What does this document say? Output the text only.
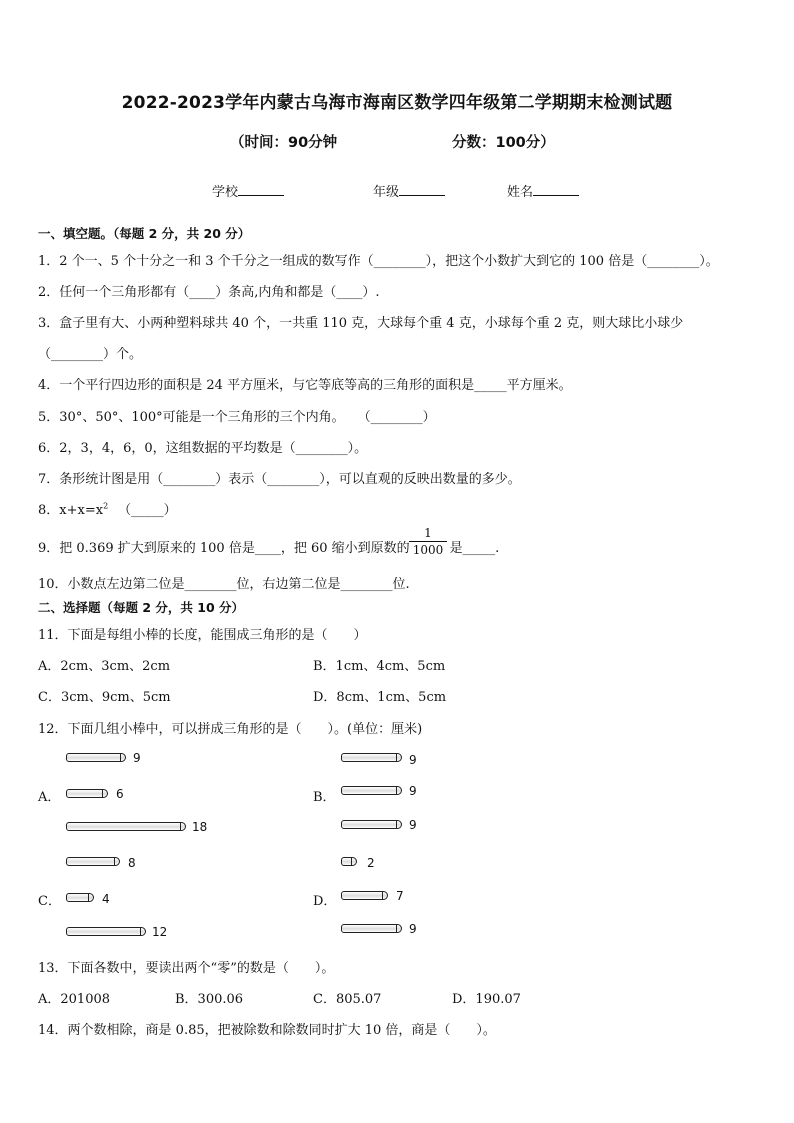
2022-2023学年内蒙古乌海市海南区数学四年级第二学期期末检测试题
（时间：90分钟	分数：100分）
学校	年级	姓名
一、填空题。（每题 2 分，共 20 分）
1．2 个一、5 个十分之一和 3 个千分之一组成的数写作（________），把这个小数扩大到它的 100 倍是（________）。
2．任何一个三角形都有（____）条高,内角和都是（____）.
3．盒子里有大、小两种塑料球共 40 个，一共重 110 克，大球每个重 4 克，小球每个重 2 克，则大球比小球少
（________）个。
4．一个平行四边形的面积是 24 平方厘米，与它等底等高的三角形的面积是_____平方厘米。
5．30°、50°、100°可能是一个三角形的三个内角。　　（________）
6．2，3，4，6，0，这组数据的平均数是（________）。
7．条形统计图是用（________）表示（________），可以直观的反映出数量的多少。
8．$x+x=x^2$ （_____）
9．把 0.369 扩大到原来的 100 倍是____，把 60 缩小到原数的	是_____.
$\frac{1}{1000}$
10．小数点左边第二位是________位，右边第二位是________位.
二、选择题（每题 2 分，共 10 分）
11．下面是每组小棒的长度，能围成三角形的是（　　）
A．2cm、3cm、2cm	B．1cm、4cm、5cm
C．3cm、9cm、5cm	D．8cm、1cm、5cm
12．下面几组小棒中，可以拼成三角形的是（　　）。(单位：厘米)
A．
9
6
18
B．
9
9
9
C．
8
4
12
D．
2
7
9
13．下面各数中，要读出两个“零”的数是（　　）。
A．201008	B．300.06	C．805.07	D．190.07
14．两个数相除，商是 0.85，把被除数和除数同时扩大 10 倍，商是（　　）。
